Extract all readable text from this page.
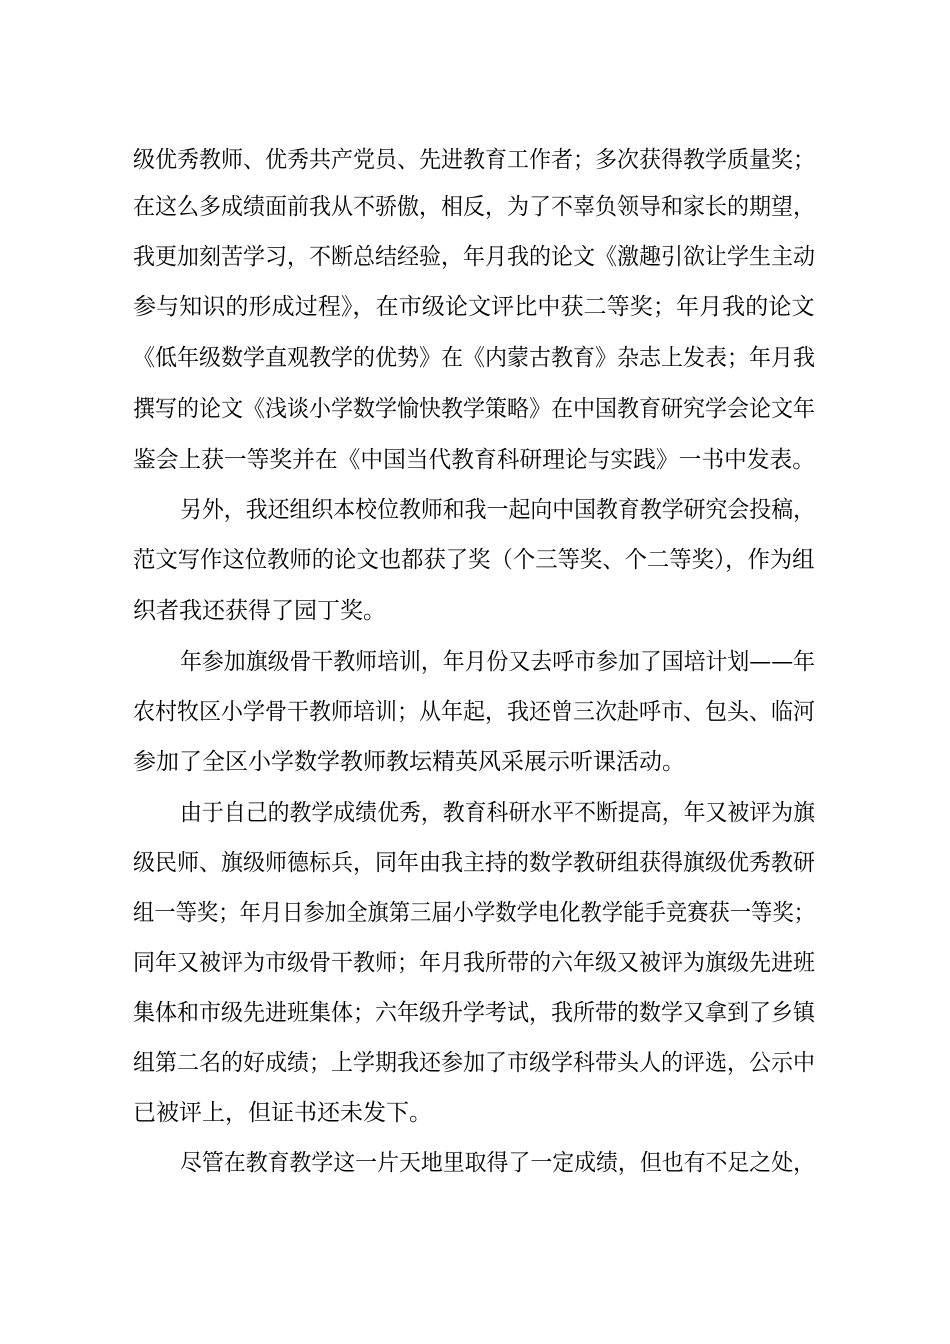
级优秀教师、优秀共产党员、先进教育工作者；多次获得教学质量奖；
在这么多成绩面前我从不骄傲，相反，为了不辜负领导和家长的期望，
我更加刻苦学习，不断总结经验，年月我的论文《激趣引欲让学生主动
参与知识的形成过程》，在市级论文评比中获二等奖；年月我的论文
《低年级数学直观教学的优势》在《内蒙古教育》杂志上发表；年月我
撰写的论文《浅谈小学数学愉快教学策略》在中国教育研究学会论文年
鉴会上获一等奖并在《中国当代教育科研理论与实践》一书中发表。
另外，我还组织本校位教师和我一起向中国教育教学研究会投稿，
范文写作这位教师的论文也都获了奖（个三等奖、个二等奖），作为组
织者我还获得了园丁奖。
年参加旗级骨干教师培训，年月份又去呼市参加了国培计划——年
农村牧区小学骨干教师培训；从年起，我还曾三次赴呼市、包头、临河
参加了全区小学数学教师教坛精英风采展示听课活动。
由于自己的教学成绩优秀，教育科研水平不断提高，年又被评为旗
级民师、旗级师德标兵，同年由我主持的数学教研组获得旗级优秀教研
组一等奖；年月日参加全旗第三届小学数学电化教学能手竞赛获一等奖；
同年又被评为市级骨干教师；年月我所带的六年级又被评为旗级先进班
集体和市级先进班集体；六年级升学考试，我所带的数学又拿到了乡镇
组第二名的好成绩；上学期我还参加了市级学科带头人的评选，公示中
已被评上，但证书还未发下。
尽管在教育教学这一片天地里取得了一定成绩，但也有不足之处，
